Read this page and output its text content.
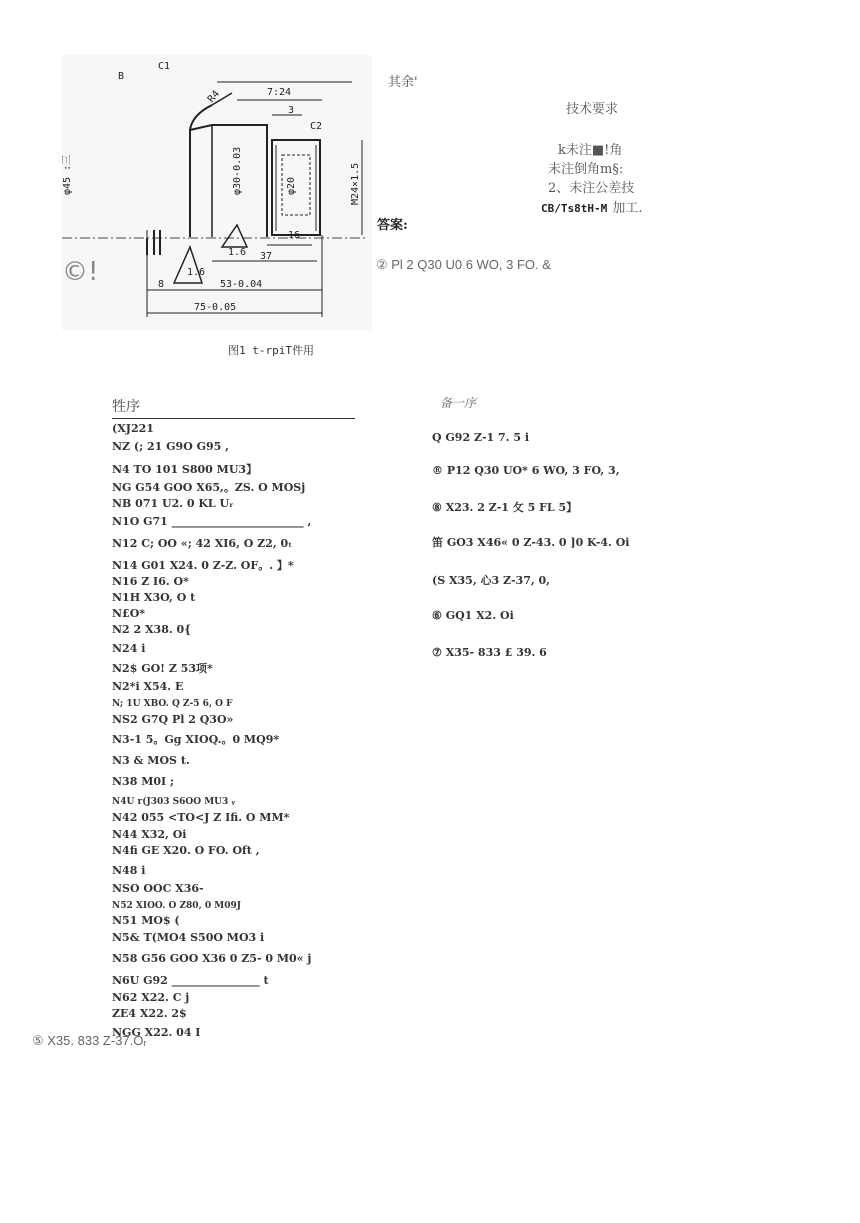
B
C1
R4	7:24
3
C2
φ30-0.03	φ20	M24×1.5
φ45 :三
16
1.6
1.6 37
53-0.04
8
75-0.05
©!
图1 t-rpiT件用
其余'
技术要求
k未注■!角
未注倒角m§:
2、未注公差技
CB/Ts8tH-M 加工.
答案:
② Pl 2 Q30 U0 6 WO, 3 FO. &
牲序
(XJ221
NZ (; 21 G9O G95 ,
N4 TO 101 S800 MU3】
NG G54 GOO X65,。ZS. O MOSj
NB 071 U2. 0 KL Uᵣ
N1O G71 ________________________ ,
N12 C; OO «; 42 XI6, O Z2, 0ₜ
N14 G01 X24. 0 Z-Z. OF。. 】*
N16 Z I6. O*
N1H X3O, O t
N£O*
N2 2 X38. 0{
N24 i
N2$ GO! Z 53项*
N2*i X54. E
N; 1U XBO. Q Z-5 6, O F
NS2 G7Q Pl 2 Q3O»
N3-1 5。Gg XIOQ.。0 MQ9*
N3 & MOS t.
N38 M0I ;
N4U r(J303 S6OO MU3 ᵧ
N42 055 <TO<J Z Ifi. O MM*
N44 X32, Oi
N4fi GE X20. O FO. Oft ,
N48 i
NSO OOC X36-
N52 XIOO. O Z80, 0 M09J
N51 MO$ (
N5& T(MO4 S50O MO3 i
N58 G56 GOO X36 0 Z5- 0 M0« j
N6U G92 ________________ t
N62 X22. C j
ZE4 X22. 2$
NGG X22. 04 I
备一序
Q G92 Z-1 7. 5 i
® P12 Q30 UO* 6 WO, 3 FO, 3,
⑧ X23. 2 Z-1 攵 5 FL 5】
笛 GO3 X46« 0 Z-43. 0 ]0 K-4. Oi
(S X35, 心3 Z-37, 0,
⑥ GQ1 X2. Oi
⑦ X35- 833 £ 39. 6
⑤ X35. 833 Z-37.Oᵣ
